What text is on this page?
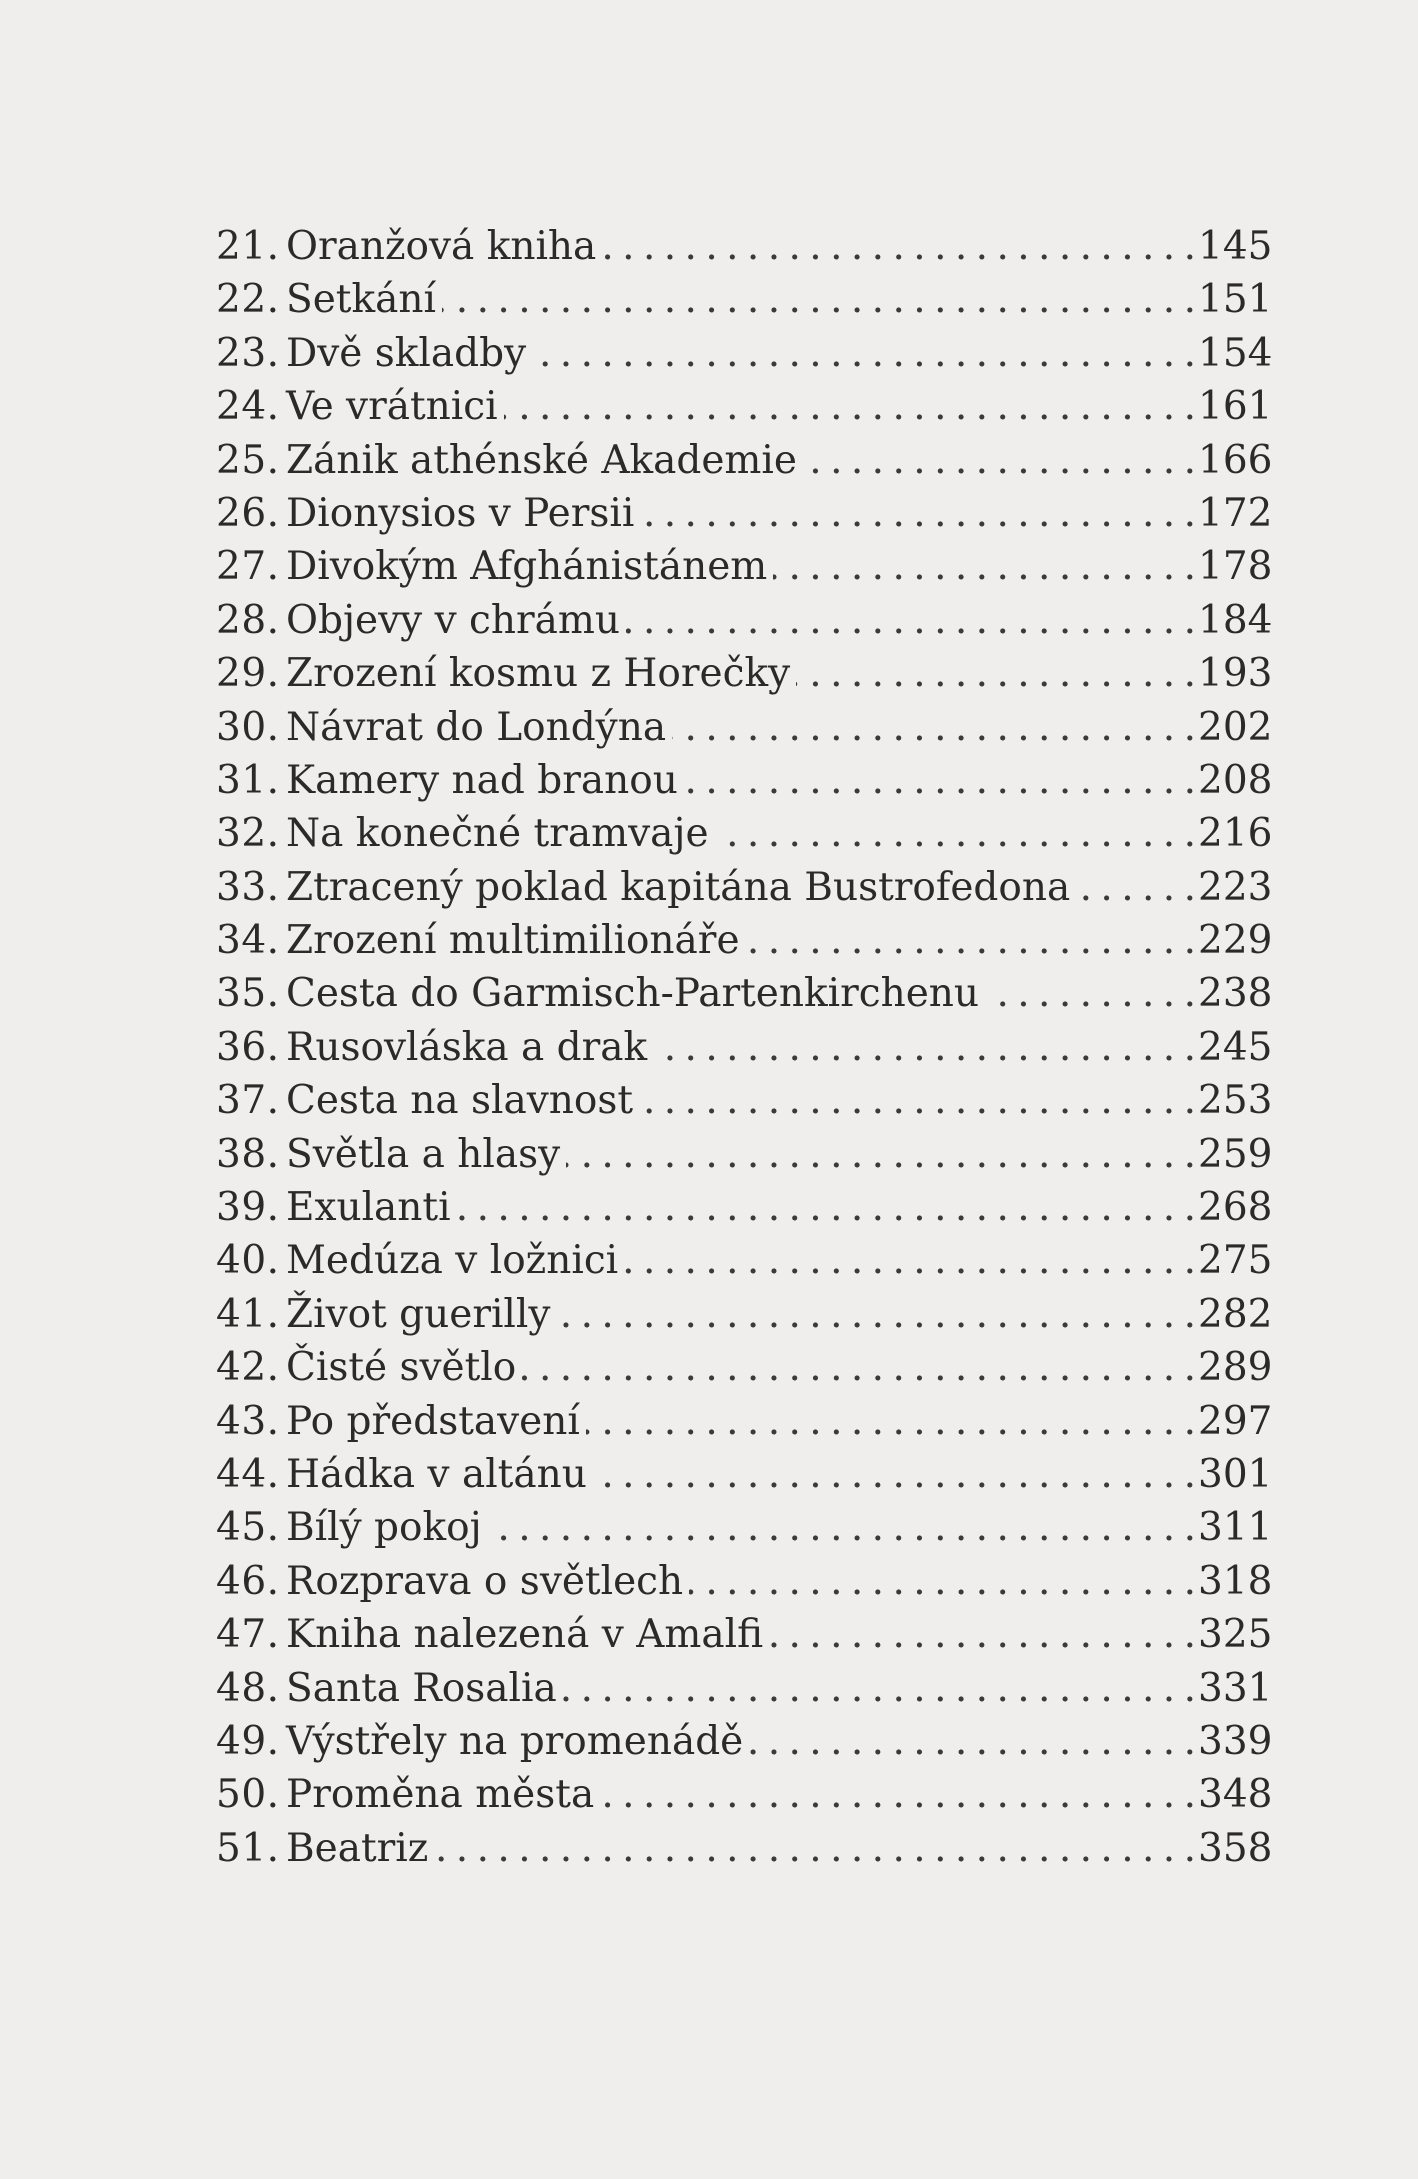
21. Oranžová kniha . . .	145
22. Setkání . . .	151
23. Dvě skladby . . .	154
24. Ve vrátnici . . .	161
25. Zánik athénské Akademie . . .	166
26. Dionysios v Persii . . .	172
27. Divokým Afghánistánem . . .	178
28. Objevy v chrámu . . .	184
29. Zrození kosmu z Horečky . . .	193
30. Návrat do Londýna . . .	202
31. Kamery nad branou . . .	208
32. Na konečné tramvaje . . .	216
33. Ztracený poklad kapitána Bustrofedona . . .	223
34. Zrození multimilionáře . . .	229
35. Cesta do Garmisch-Partenkirchenu . . .	238
36. Rusovláska a drak . . .	245
37. Cesta na slavnost . . .	253
38. Světla a hlasy . . .	259
39. Exulanti . . .	268
40. Medúza v ložnici . . .	275
41. Život guerilly . . .	282
42. Čisté světlo . . .	289
43. Po představení . . .	297
44. Hádka v altánu . . .	301
45. Bílý pokoj . . .	311
46. Rozprava o světlech . . .	318
47. Kniha nalezená v Amalfi . . .	325
48. Santa Rosalia . . .	331
49. Výstřely na promenádě . . .	339
50. Proměna města . . .	348
51. Beatriz . . .	358
